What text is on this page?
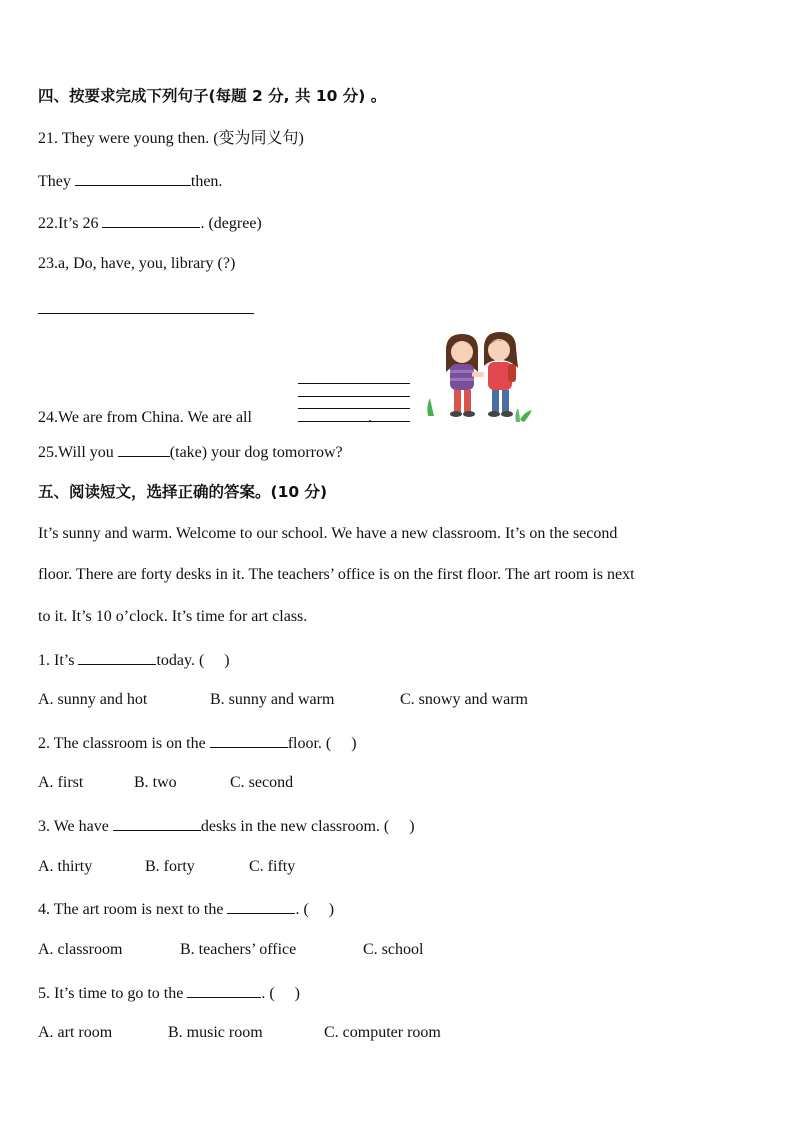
四、按要求完成下列句子(每题 2 分, 共 10 分) 。
21. They were young then. (变为同义句)
They	then.
22.It’s 26	. (degree)
23.a, Do, have, you, library (?)
24.We are from China. We are all	.
25.Will you	(take) your dog tomorrow?
五、阅读短文，选择正确的答案。(10 分)
It’s sunny and warm. Welcome to our school. We have a new classroom. It’s on the second
floor. There are forty desks in it. The teachers’ office is on the first floor. The art room is next
to it. It’s 10 o’clock. It’s time for art class.
1. It’s	today. ( )
A. sunny and hot	B. sunny and warm	C. snowy and warm
2. The classroom is on the	floor. ( )
A. first	B. two	C. second
3. We have	desks in the new classroom. ( )
A. thirty	B. forty	C. fifty
4. The art room is next to the	. ( )
A. classroom	B. teachers’ office	C. school
5. It’s time to go to the	. ( )
A. art room	B. music room	C. computer room
